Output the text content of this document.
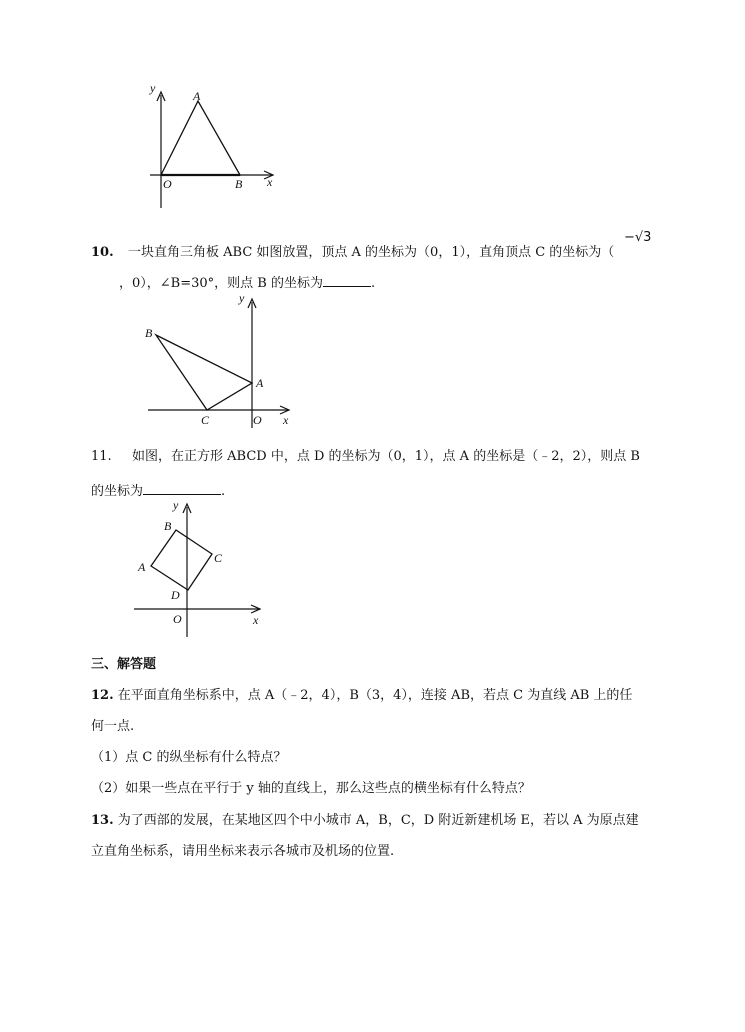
y
A
O	B x
10. 一块直角三角板 ABC 如图放置，顶点 A 的坐标为（0，1），直角顶点 C 的坐标为（
−√3
，0），∠B=30°，则点 B 的坐标为	.
y
B
A
C	O x
11. 如图，在正方形 ABCD 中，点 D 的坐标为（0，1），点 A 的坐标是（﹣2，2），则点 B
的坐标为	.
y
B
C
A
D
O	x
三、解答题
12. 在平面直角坐标系中，点 A（﹣2，4），B（3，4），连接 AB，若点 C 为直线 AB 上的任
何一点.
（1）点 C 的纵坐标有什么特点？
（2）如果一些点在平行于 y 轴的直线上，那么这些点的横坐标有什么特点？
13. 为了西部的发展，在某地区四个中小城市 A，B，C，D 附近新建机场 E，若以 A 为原点建
立直角坐标系，请用坐标来表示各城市及机场的位置.
